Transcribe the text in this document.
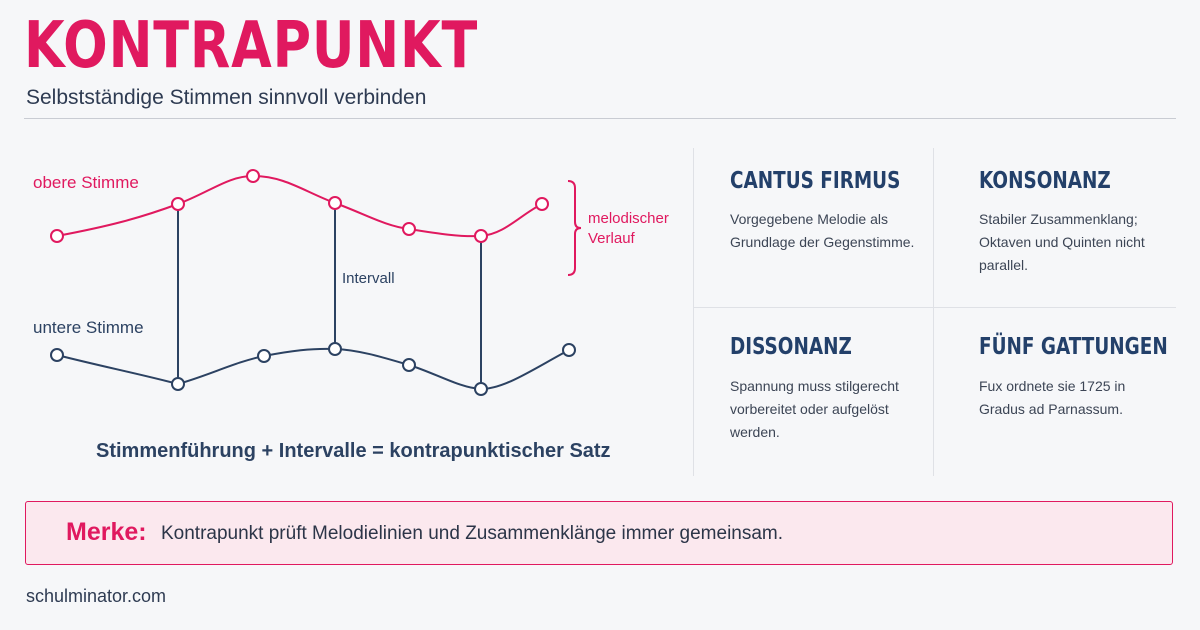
KONTRAPUNKT
Selbstständige Stimmen sinnvoll verbinden
obere Stimme
untere Stimme
Intervall
melodischer
Verlauf
Stimmenführung + Intervalle = kontrapunktischer Satz
CANTUS FIRMUS
Vorgegebene Melodie als Grundlage der Gegenstimme.
KONSONANZ
Stabiler Zusammenklang; Oktaven und Quinten nicht parallel.
DISSONANZ
Spannung muss stilgerecht vorbereitet oder aufgelöst werden.
FÜNF GATTUNGEN
Fux ordnete sie 1725 in Gradus ad Parnassum.
Merke: Kontrapunkt prüft Melodielinien und Zusammenklänge immer gemeinsam.
schulminator.com
